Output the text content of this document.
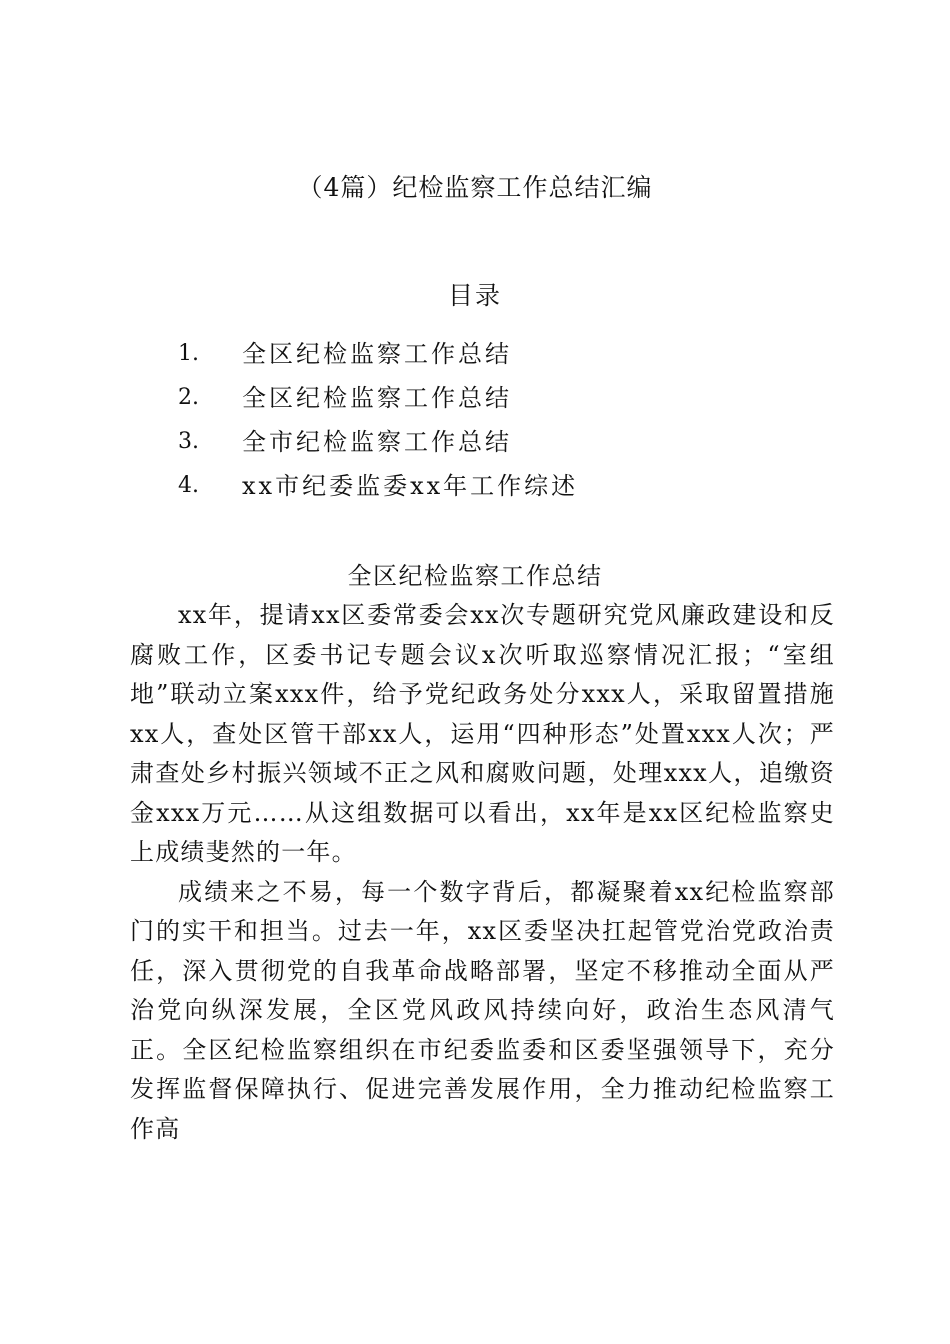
（4篇）纪检监察工作总结汇编
目录
1.	全区纪检监察工作总结
2.	全区纪检监察工作总结
3.	全市纪检监察工作总结
4.	xx市纪委监委xx年工作综述
全区纪检监察工作总结

xx年，提请xx区委常委会xx次专题研究党风廉政建设和反腐败工作，区委书记专题会议x次听取巡察情况汇报；“室组地”联动立案xxx件，给予党纪政务处分xxx人，采取留置措施xx人，查处区管干部xx人，运用“四种形态”处置xxx人次；严肃查处乡村振兴领域不正之风和腐败问题，处理xxx人，追缴资金xxx万元……从这组数据可以看出，xx年是xx区纪检监察史上成绩斐然的一年。

成绩来之不易，每一个数字背后，都凝聚着xx纪检监察部门的实干和担当。过去一年，xx区委坚决扛起管党治党政治责任，深入贯彻党的自我革命战略部署，坚定不移推动全面从严治党向纵深发展，全区党风政风持续向好，政治生态风清气正。全区纪检监察组织在市纪委监委和区委坚强领导下，充分发挥监督保障执行、促进完善发展作用，全力推动纪检监察工作高
